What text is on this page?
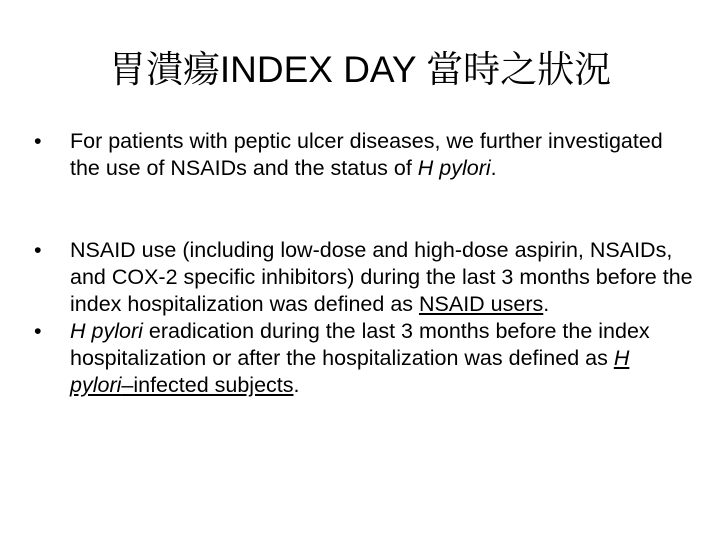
胃潰瘍INDEX DAY 當時之狀況
•	For patients with peptic ulcer diseases, we further investigated the use of NSAIDs and the status of H pylori.
•	NSAID use (including low-dose and high-dose aspirin, NSAIDs, and COX-2 specific inhibitors) during the last 3 months before the index hospitalization was defined as NSAID users.
•	H pylori eradication during the last 3 months before the index hospitalization or after the hospitalization was defined as H pylori–infected subjects.
